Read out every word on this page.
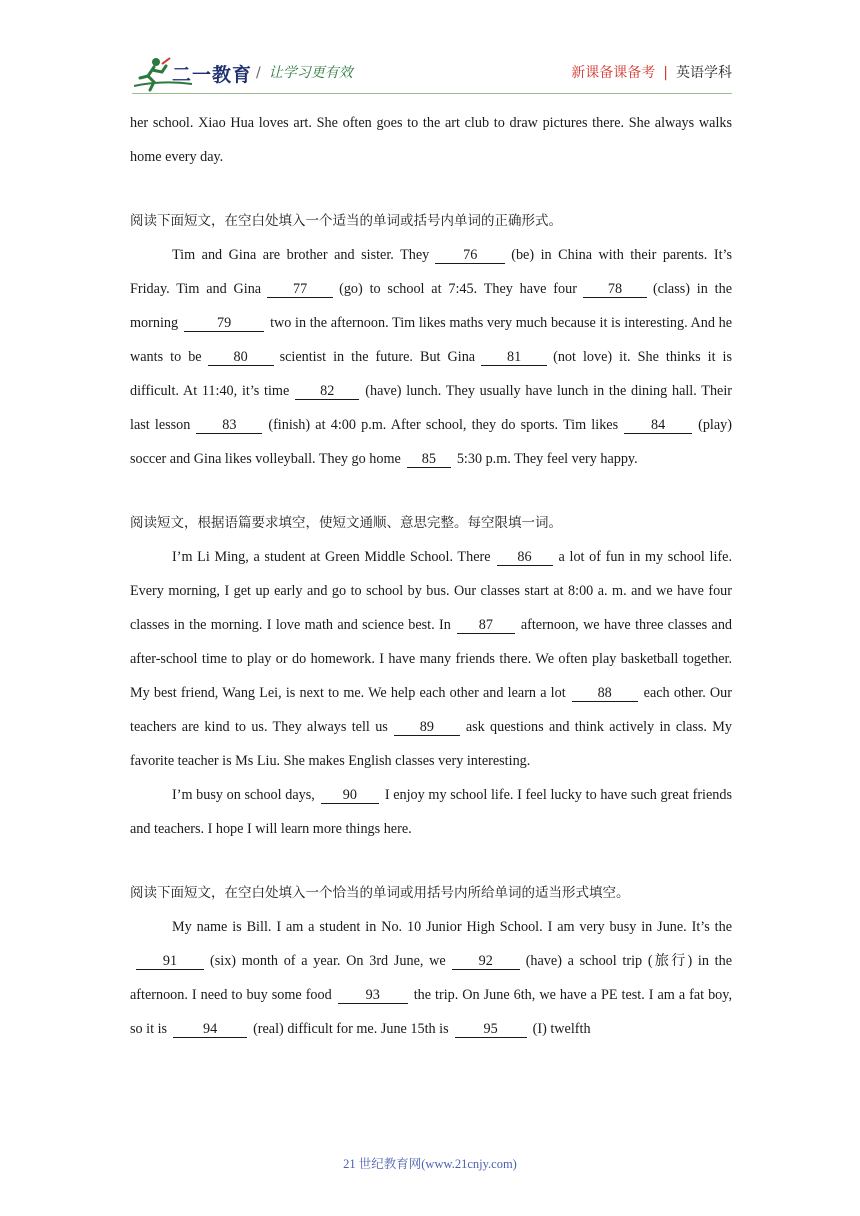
二一教育 / 让学习更有效	新课备课备考 | 英语学科

her school. Xiao Hua loves art. She often goes to the art club to draw pictures there. She always walks home every day.

阅读下面短文，在空白处填入一个适当的单词或括号内单词的正确形式。

Tim and Gina are brother and sister. They 76 (be) in China with their parents. It’s Friday. Tim and Gina 77 (go) to school at 7:45. They have four 78 (class) in the morning	79	two in the afternoon. Tim likes maths very much because it is interesting. And he wants to be 80 scientist in the future. But Gina 81 (not love) it. She thinks it is difficult. At 11:40, it’s time 82 (have) lunch. They usually have lunch in the dining hall. Their last lesson 83 (finish) at 4:00 p.m. After school, they do sports. Tim likes 84 (play) soccer and Gina likes volleyball. They go home 85 5:30 p.m. They feel very happy.

阅读短文，根据语篇要求填空，使短文通顺、意思完整。每空限填一词。

I’m Li Ming, a student at Green Middle School. There 86 a lot of fun in my school life. Every morning, I get up early and go to school by bus. Our classes start at 8:00 a. m. and we have four classes in the morning. I love math and science best. In 87 afternoon, we have three classes and after-school time to play or do homework. I have many friends there. We often play basketball together. My best friend, Wang Lei, is next to me. We help each other and learn a lot 88 each other. Our teachers are kind to us. They always tell us 89 ask questions and think actively in class. My favorite teacher is Ms Liu. She makes English classes very interesting.

I’m busy on school days, 90 I enjoy my school life. I feel lucky to have such great friends and teachers. I hope I will learn more things here.

阅读下面短文，在空白处填入一个恰当的单词或用括号内所给单词的适当形式填空。

My name is Bill. I am a student in No. 10 Junior High School. I am very busy in June. It’s the91 (six) month of a year. On 3rd June, we 92 (have) a school trip (旅行) in the afternoon. I need to buy some food 93 the trip. On June 6th, we have a PE test. I am a fat boy, so it is	94	(real) difficult for me. June 15th is 95 (I) twelfth

21 世纪教育网(www.21cnjy.com)
